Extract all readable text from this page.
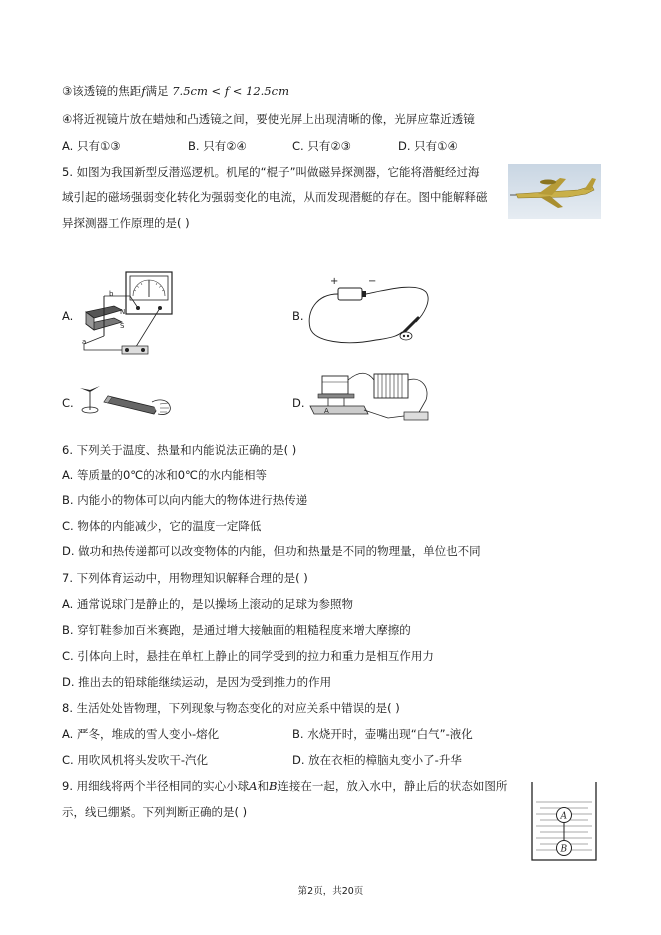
③该透镜的焦距f满足 7.5cm < f < 12.5cm
④将近视镜片放在蜡烛和凸透镜之间，要使光屏上出现清晰的像，光屏应靠近透镜
A. 只有①③	B. 只有②④	C. 只有②③	D. 只有①④
5. 如图为我国新型反潜巡逻机。机尾的“棍子”叫做磁异探测器，它能将潜艇经过海
域引起的磁场强弱变化转化为强弱变化的电流，从而发现潜艇的存在。图中能解释磁
异探测器工作原理的是( )
A.	N
S
b
a
B.
+	−
C.	D.
A
6. 下列关于温度、热量和内能说法正确的是( )
A. 等质量的0℃的冰和0℃的水内能相等
B. 内能小的物体可以向内能大的物体进行热传递
C. 物体的内能减少，它的温度一定降低
D. 做功和热传递都可以改变物体的内能，但功和热量是不同的物理量，单位也不同
7. 下列体育运动中，用物理知识解释合理的是( )
A. 通常说球门是静止的，是以操场上滚动的足球为参照物
B. 穿钉鞋参加百米赛跑，是通过增大接触面的粗糙程度来增大摩擦的
C. 引体向上时，悬挂在单杠上静止的同学受到的拉力和重力是相互作用力
D. 推出去的铅球能继续运动，是因为受到推力的作用
8. 生活处处皆物理，下列现象与物态变化的对应关系中错误的是( )
A. 严冬，堆成的雪人变小-熔化	B. 水烧开时，壶嘴出现“白气”-液化
C. 用吹风机将头发吹干-汽化	D. 放在衣柜的樟脑丸变小了-升华
9. 用细线将两个半径相同的实心小球A和B连接在一起，放入水中，静止后的状态如图所
示，线已绷紧。下列判断正确的是( )	A
B
第2页，共20页
